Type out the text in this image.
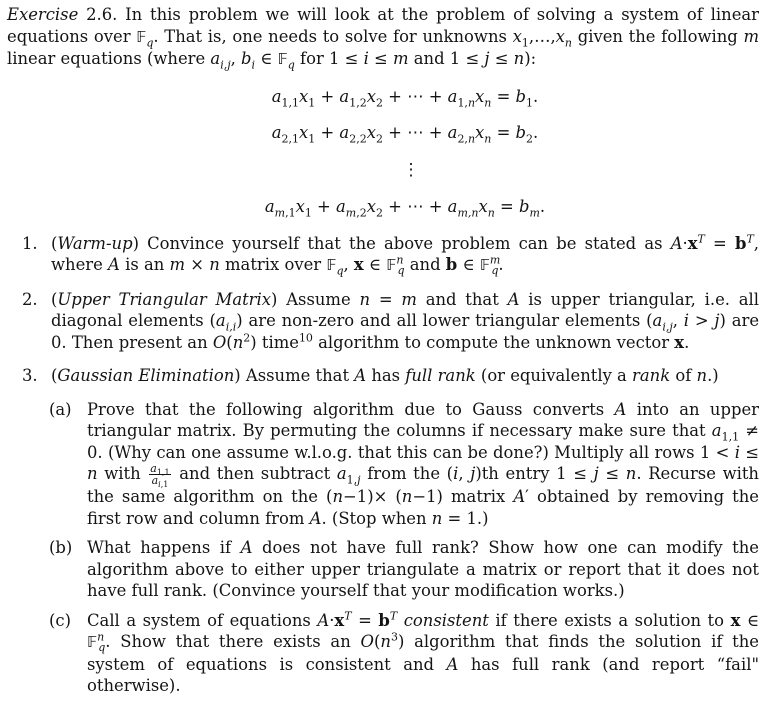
Exercise 2.6. In this problem we will look at the problem of solving a system of linear equations over 𝔽$_q$. That is, one needs to solve for unknowns $x_1,\dots,x_n$ given the following m linear equations (where $a_{i,j}$, $b_i$ ∈ 𝔽$_q$ for 1 ≤ i ≤ m and 1 ≤ j ≤ n):

$a_{1,1}x_1 + a_{1,2}x_2$ + ⋯ + $a_{1,n}x_n = b_1$.
$a_{2,1}x_1 + a_{2,2}x_2$ + ⋯ + $a_{2,n}x_n = b_2$.
⋮
$a_{m,1}x_1 + a_{m,2}x_2$ + ⋯ + $a_{m,n}x_n = b_m$.
1. (Warm-up) Convince yourself that the above problem can be stated as $A\cdot x^T = b^T$, where A is an m × n matrix over 𝔽$_q$, x ∈ 𝔽$^n_q$ and b ∈ 𝔽$^m_q$.
2. (Upper Triangular Matrix) Assume n = m and that A is upper triangular, i.e. all diagonal elements $(a_{i,i})$ are non-zero and all lower triangular elements ($a_{i,j}$, i > j) are 0. Then present an $O(n^2)$ time$^{10}$ algorithm to compute the unknown vector x.
3. (Gaussian Elimination) Assume that A has full rank (or equivalently a rank of n.)
(a) Prove that the following algorithm due to Gauss converts A into an upper triangular matrix. By permuting the columns if necessary make sure that $a_{1,1} \ne 0$. (Why can one assume w.l.o.g. that this can be done?) Multiply all rows 1 < i ≤ n with $\frac{a_{1,1}}{a_{i,1}}$ and then subtract $a_{1,j}$ from the (i, j)th entry 1 ≤ j ≤ n. Recurse with the same algorithm on the (n−1)× (n−1) matrix A′ obtained by removing the first row and column from A. (Stop when n = 1.)
(b) What happens if A does not have full rank? Show how one can modify the algorithm above to either upper triangulate a matrix or report that it does not have full rank. (Convince yourself that your modification works.)
(c) Call a system of equations $A\cdot x^T = b^T$ consistent if there exists a solution to x ∈ 𝔽$^n_q$. Show that there exists an $O(n^3)$ algorithm that finds the solution if the system of equations is consistent and A has full rank (and report “fail" otherwise).
